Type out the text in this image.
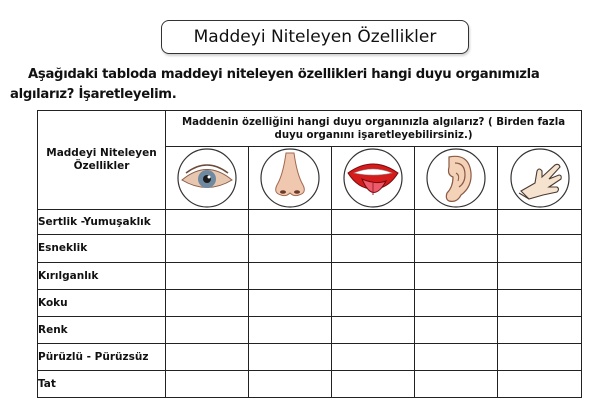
Maddeyi Niteleyen Özellikler

Aşağıdaki tabloda maddeyi niteleyen özellikleri hangi duyu organımızla algılarız? İşaretleyelim.

Maddeyi Niteleyen Özellikler	Maddenin özelliğini hangi duyu organınızla algılarız? ( Birden fazla duyu organını işaretleyebilirsiniz.)				

Sertlik -Yumuşaklık					
Esneklik					
Kırılganlık					
Koku					
Renk					
Pürüzlü - Pürüzsüz					
Tat					
